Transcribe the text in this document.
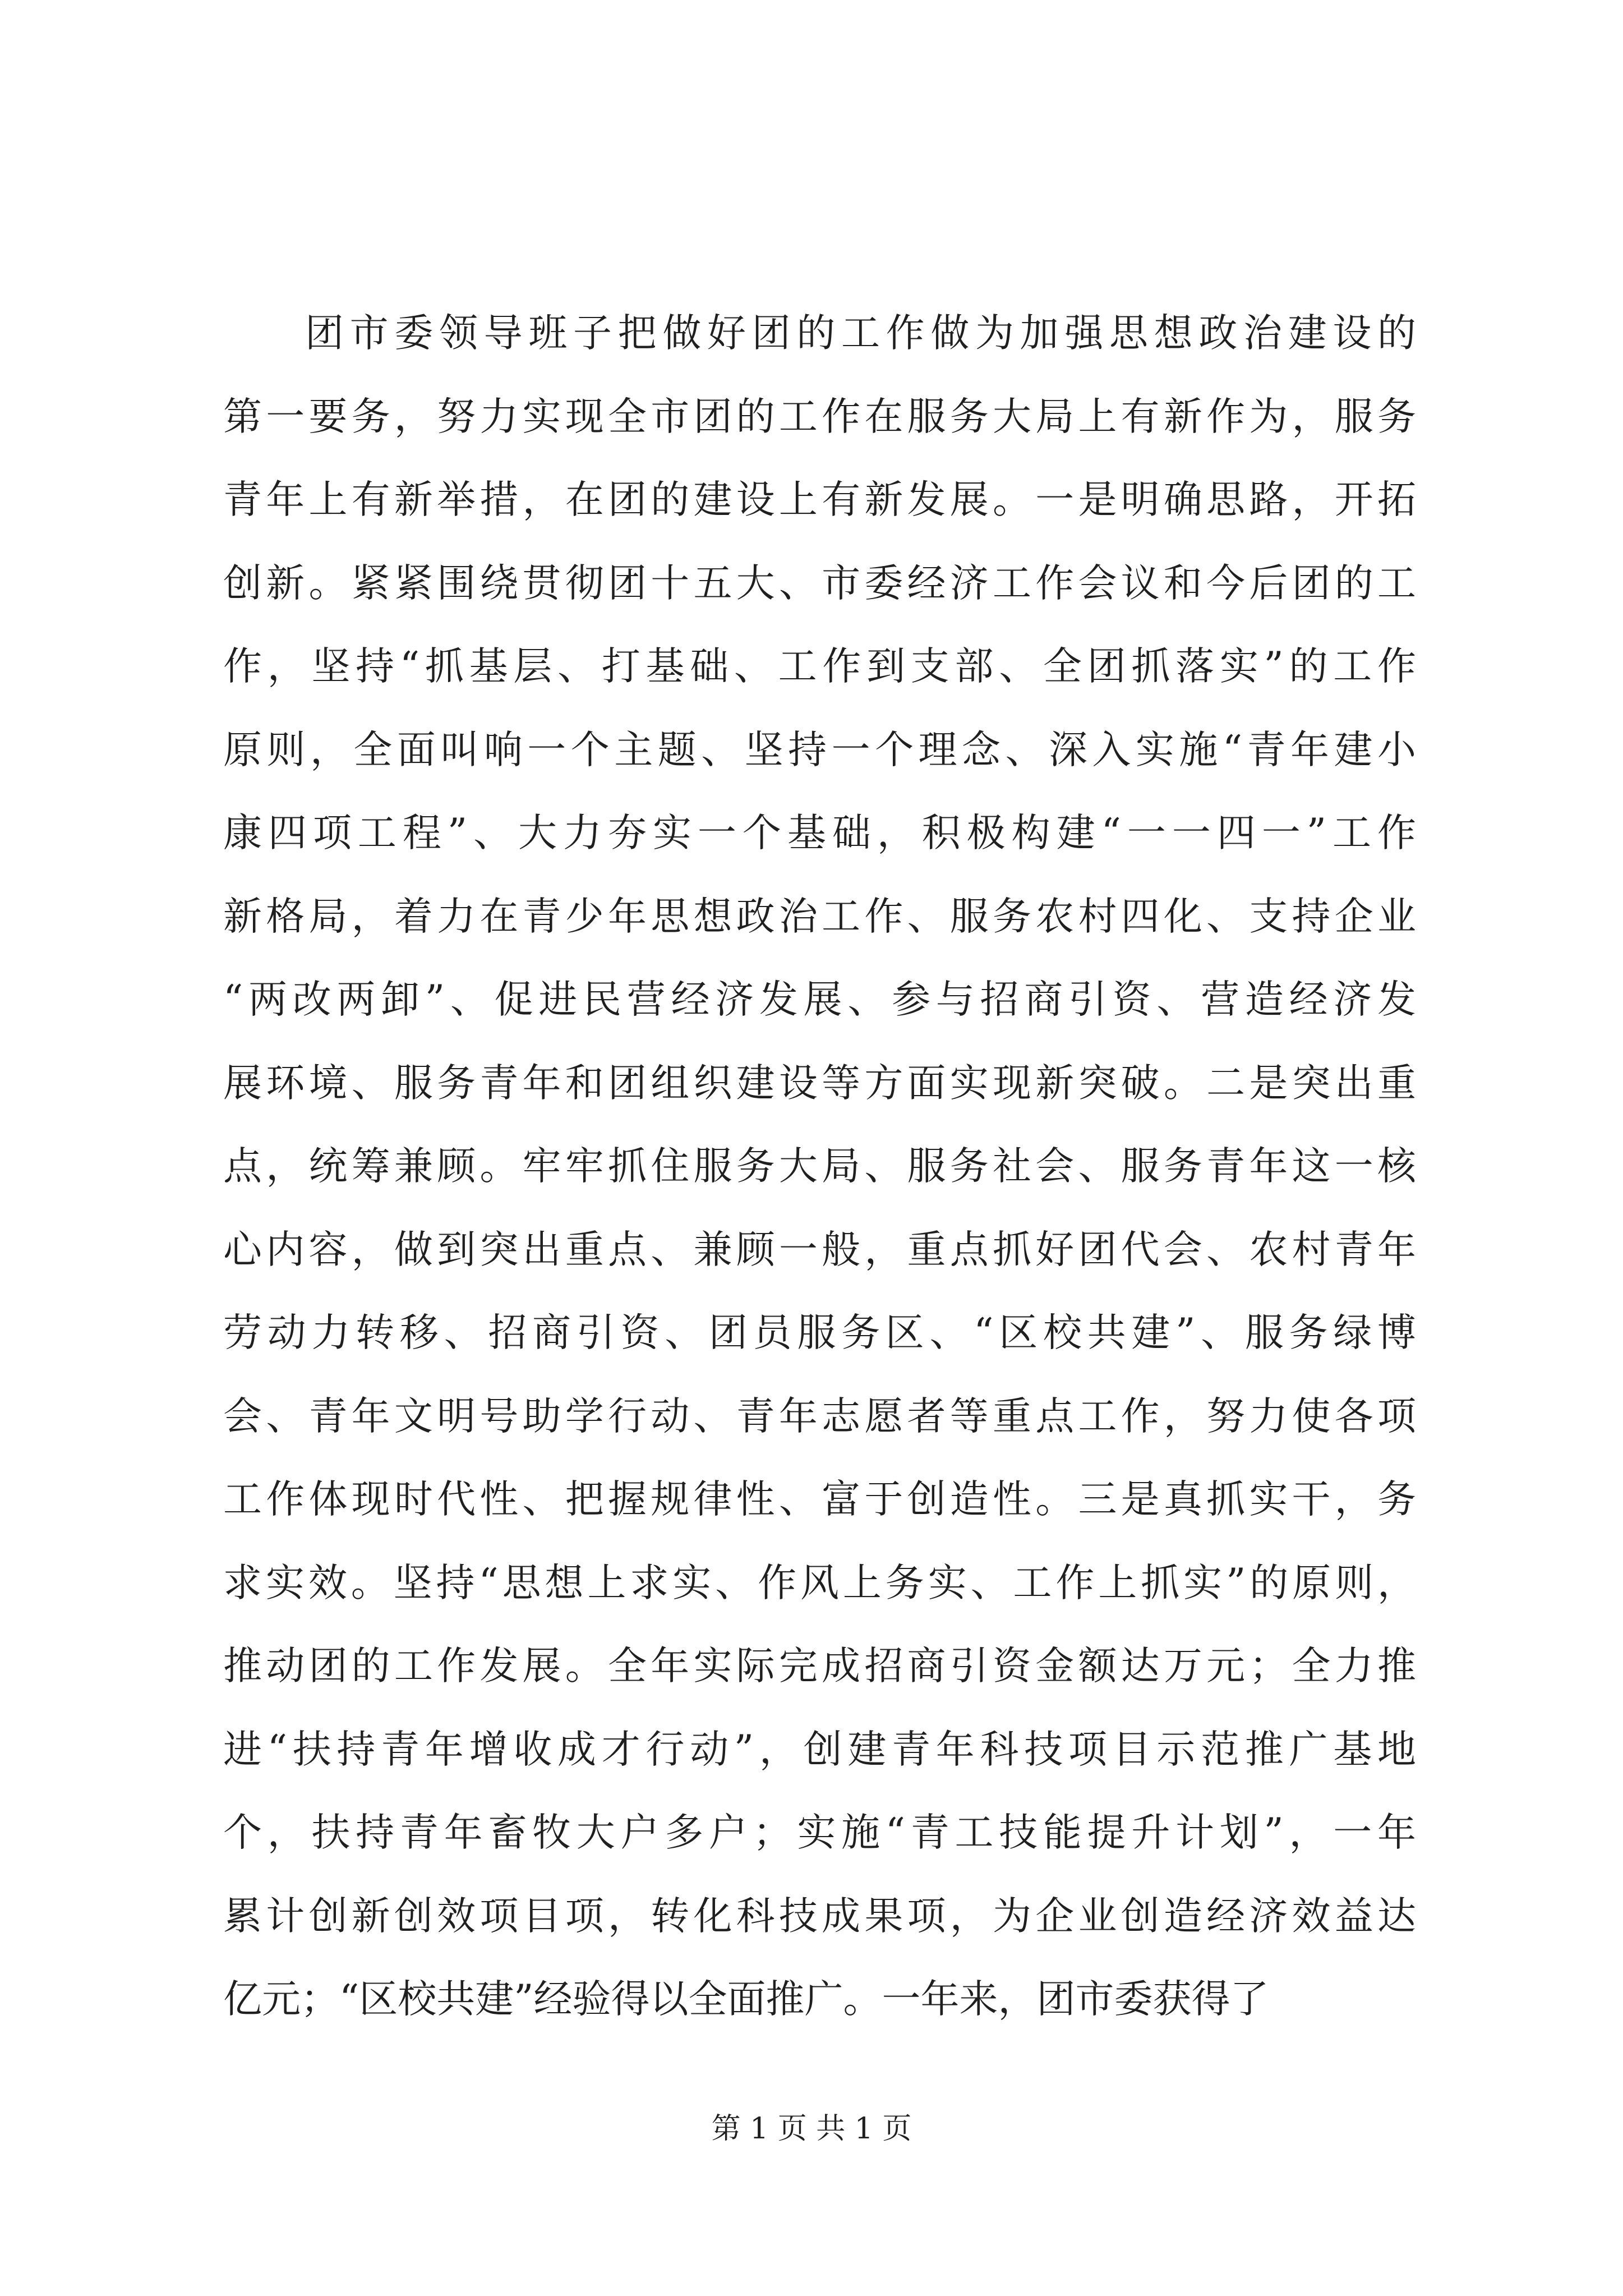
团市委领导班子把做好团的工作做为加强思想政治建设的
第一要务，努力实现全市团的工作在服务大局上有新作为，服务
青年上有新举措，在团的建设上有新发展。一是明确思路，开拓
创新。紧紧围绕贯彻团十五大、市委经济工作会议和今后团的工
作，坚持“抓基层、打基础、工作到支部、全团抓落实”的工作
原则，全面叫响一个主题、坚持一个理念、深入实施“青年建小
康四项工程”、大力夯实一个基础，积极构建“一一四一”工作
新格局，着力在青少年思想政治工作、服务农村四化、支持企业
“两改两卸”、促进民营经济发展、参与招商引资、营造经济发
展环境、服务青年和团组织建设等方面实现新突破。二是突出重
点，统筹兼顾。牢牢抓住服务大局、服务社会、服务青年这一核
心内容，做到突出重点、兼顾一般，重点抓好团代会、农村青年
劳动力转移、招商引资、团员服务区、“区校共建”、服务绿博
会、青年文明号助学行动、青年志愿者等重点工作，努力使各项
工作体现时代性、把握规律性、富于创造性。三是真抓实干，务
求实效。坚持“思想上求实、作风上务实、工作上抓实”的原则，
推动团的工作发展。全年实际完成招商引资金额达万元；全力推
进“扶持青年增收成才行动”，创建青年科技项目示范推广基地
个，扶持青年畜牧大户多户；实施“青工技能提升计划”，一年
累计创新创效项目项，转化科技成果项，为企业创造经济效益达
亿元；“区校共建”经验得以全面推广。一年来，团市委获得了
第 1 页 共 1 页
